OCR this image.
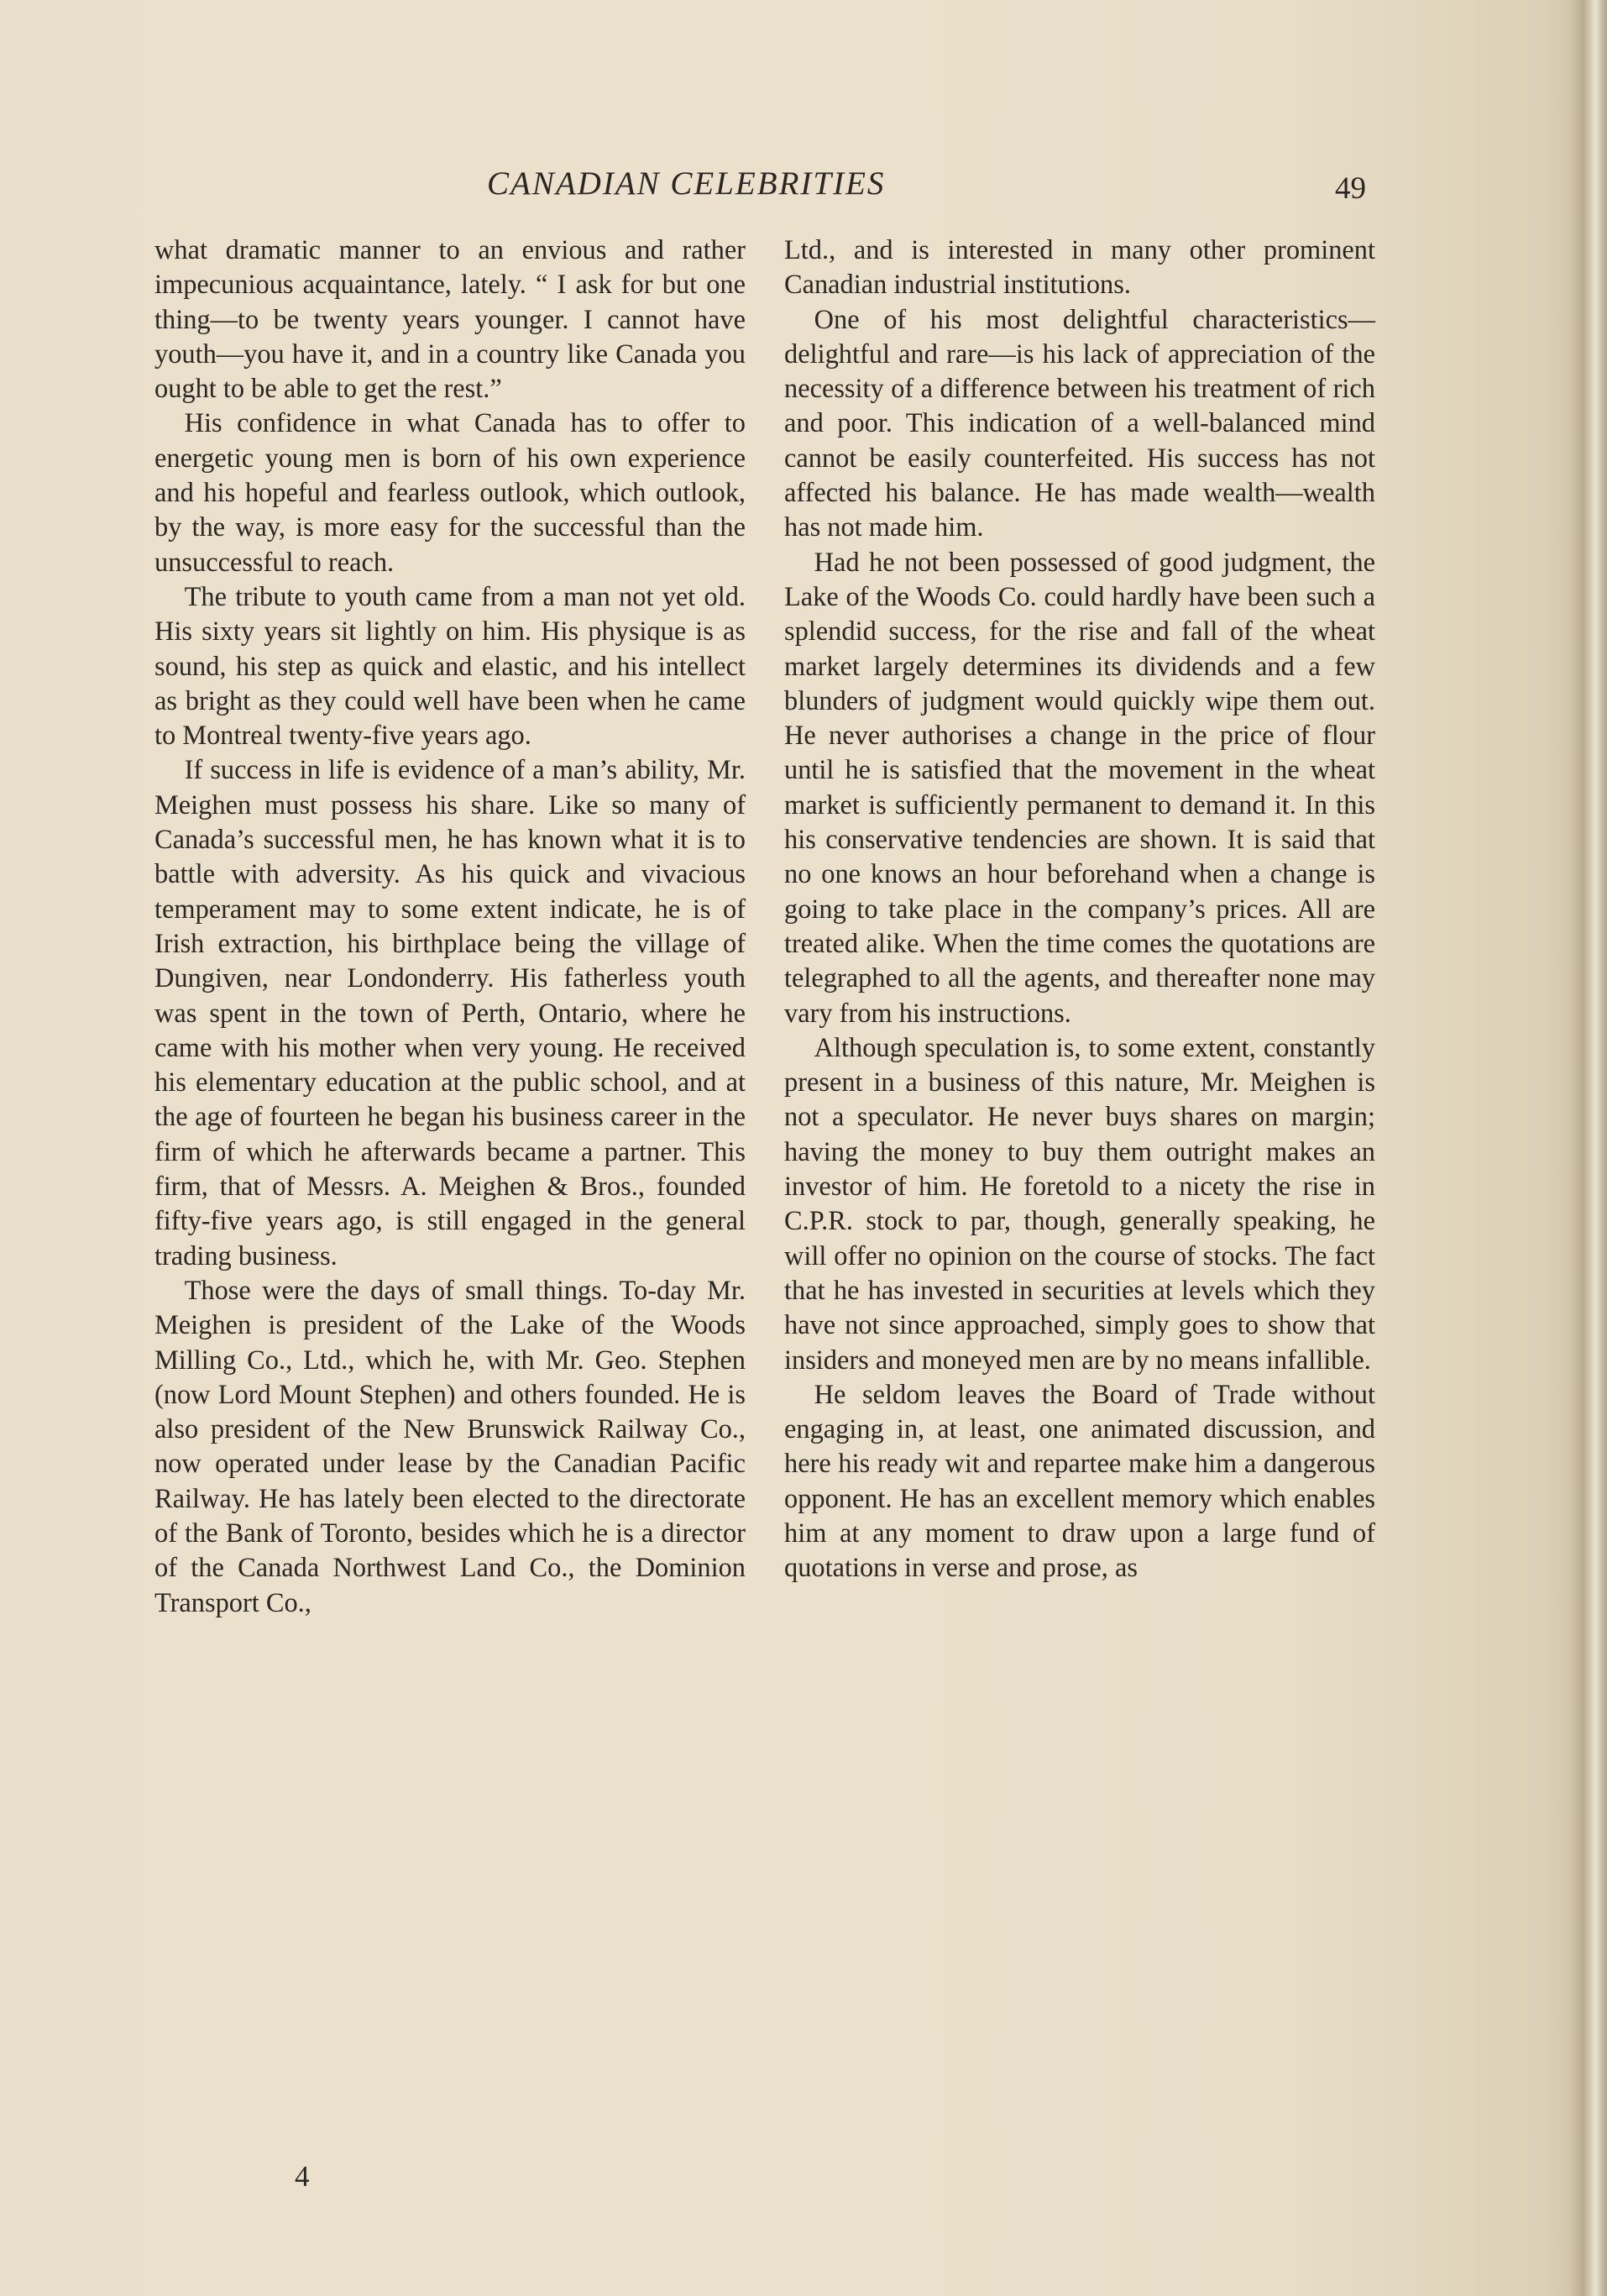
CANADIAN CELEBRITIES	49

what dramatic manner to an envious and rather impecunious acquaintance, lately. “ I ask for but one thing—to be twenty years younger. I cannot have youth—you have it, and in a country like Canada you ought to be able to get the rest.”

His confidence in what Canada has to offer to energetic young men is born of his own experience and his hopeful and fearless outlook, which outlook, by the way, is more easy for the successful than the unsuccessful to reach.

The tribute to youth came from a man not yet old. His sixty years sit lightly on him. His physique is as sound, his step as quick and elastic, and his intellect as bright as they could well have been when he came to Montreal twenty-five years ago.

If success in life is evidence of a man’s ability, Mr. Meighen must possess his share. Like so many of Canada’s successful men, he has known what it is to battle with adversity. As his quick and vivacious temperament may to some extent indicate, he is of Irish extraction, his birthplace being the village of Dungiven, near Londonderry. His fatherless youth was spent in the town of Perth, Ontario, where he came with his mother when very young. He received his elementary education at the public school, and at the age of fourteen he began his business career in the firm of which he afterwards became a partner. This firm, that of Messrs. A. Meighen & Bros., founded fifty-five years ago, is still engaged in the general trading business.

Those were the days of small things. To-day Mr. Meighen is president of the Lake of the Woods Milling Co., Ltd., which he, with Mr. Geo. Stephen (now Lord Mount Stephen) and others founded. He is also president of the New Brunswick Railway Co., now operated under lease by the Canadian Pacific Railway. He has lately been elected to the directorate of the Bank of Toronto, besides which he is a director of the Canada Northwest Land Co., the Dominion Transport Co.,

Ltd., and is interested in many other prominent Canadian industrial institutions.

One of his most delightful characteristics—delightful and rare—is his lack of appreciation of the necessity of a difference between his treatment of rich and poor. This indication of a well-balanced mind cannot be easily counterfeited. His success has not affected his balance. He has made wealth—wealth has not made him.

Had he not been possessed of good judgment, the Lake of the Woods Co. could hardly have been such a splendid success, for the rise and fall of the wheat market largely determines its dividends and a few blunders of judgment would quickly wipe them out. He never authorises a change in the price of flour until he is satisfied that the movement in the wheat market is sufficiently permanent to demand it. In this his conservative tendencies are shown. It is said that no one knows an hour beforehand when a change is going to take place in the company’s prices. All are treated alike. When the time comes the quotations are telegraphed to all the agents, and thereafter none may vary from his instructions.

Although speculation is, to some extent, constantly present in a business of this nature, Mr. Meighen is not a speculator. He never buys shares on margin; having the money to buy them outright makes an investor of him. He foretold to a nicety the rise in C.P.R. stock to par, though, generally speaking, he will offer no opinion on the course of stocks. The fact that he has invested in securities at levels which they have not since approached, simply goes to show that insiders and moneyed men are by no means infallible.

He seldom leaves the Board of Trade without engaging in, at least, one animated discussion, and here his ready wit and repartee make him a dangerous opponent. He has an excellent memory which enables him at any moment to draw upon a large fund of quotations in verse and prose, as

4
